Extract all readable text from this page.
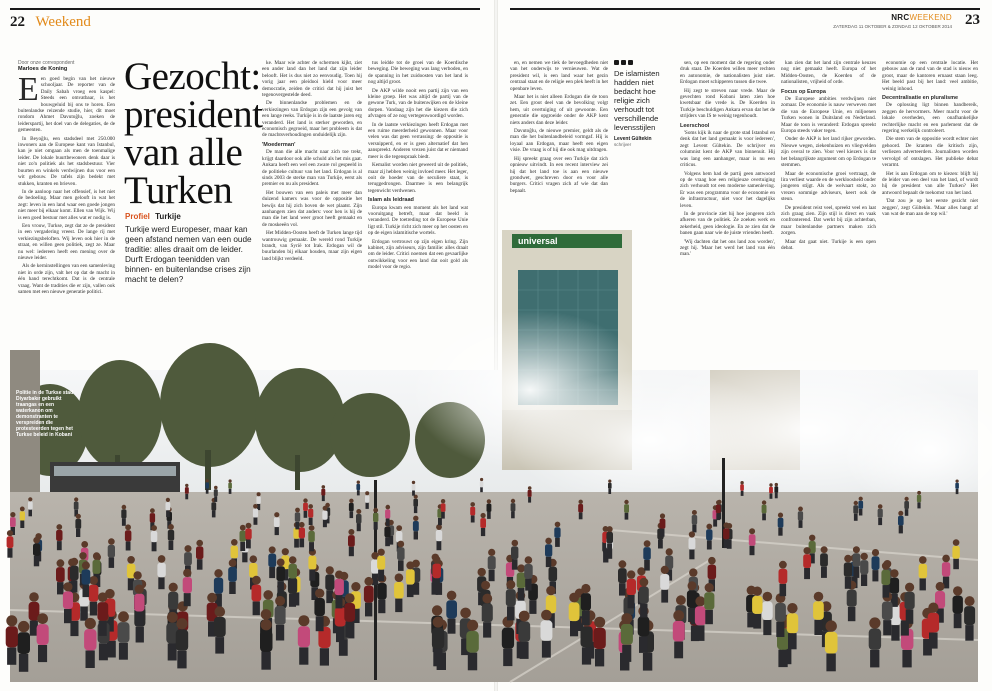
22 Weekend	NRCWEEKEND
ZATERDAG 11 OKTOBER & ZONDAG 12 OKTOBER 2014 23
Door onze correspondent
Marloes de Koning

Een goed begin van het nieuwe schooljaar. De reporter van de Daily Sabah vroeg een kaspel: Steeds een omvatbaar, is het bouwgeluid bij ons te horen. Een buitenlandse reizende studie, hier, dit moet rondom Ahmet Davutoğlu, zoeken de leiderspartij, het doel van de delegaties, de de gemeenten.

In Beyoğlu, een stadsdeel met 250.000 inwoners aan de Europese kant van Istanbul, kan je niet omgaan als men de toenmalige leider. De lokale buurtbewoners denk daar is niet zo'n politiek als het stadsbestuur. Vier buurten en winkels verdwijnen dus voor een wit gebouw. De tafels zijn bedekt met stukken, kranten en brieven.

In de aanloop naar het offensief, is het niet de bedoeling. Maar men gelooft in wat het zegt: leven in een land waar een goede jongen niet meer bij elkaar komt. Ellen van Wijk. Wij is een goed bestuur met alles wat er nodig is.

Een vrouw, Turkse, zegt dat ze de president in een vergadering vreest. De lange rij met verkiezingsbeloften. Wij leven ook hier in de straat, en willen geen politiek, zegt ze. Maar nu wel: iedereen heeft een mening over de nieuwe leider.

Als de kerninstellingen van een samenleving niet in orde zijn, valt het op dat de macht in één hand terechtkomt. Dat is de centrale vraag. Want de tradities die er zijn, vallen ook samen met een nieuwe generatie politici.

Gezocht: president van alle Turken
Profiel Turkije
Turkije werd Europeser, maar kan geen afstand nemen van een oude traditie: alles draait om de leider. Durft Erdogan teenidden van binnen- en buitenlandse crises zijn macht te delen?

ke. Maar wie achter de schermen kijkt, ziet een ander land dan het land dat zijn leider belooft. Het is dus niet zo eenvoudig. Toen hij vorig jaar een pleidooi hield voor meer democratie, zeiden de critici dat hij juist het tegenovergestelde deed.

De binnenlandse problemen en de verkiezingen van Erdogan zijn een gevolg van een lange reeks. Turkije is in de laatste jaren erg veranderd. Het land is sterker geworden, en economisch gegroeid, maar het probleem is dat de machtsverhoudingen onduidelijk zijn.

'Moederman'

De man die alle macht naar zich toe trekt, krijgt daardoor ook alle schuld als het mis gaat. Ankara heeft een wel een zware rol gespeeld in de politieke cultuur van het land. Erdogan is al sinds 2003 de sterke man van Turkije, eerst als premier en nu als president.

Het bouwen van een paleis met meer dan duizend kamers was voor de oppositie het bewijs dat hij zich boven de wet plaatst. Zijn aanhangers zien dat anders: voor hen is hij de man die het land weer groot heeft gemaakt en de moskeeën vol.

Het Midden-Oosten heeft de Turken lange tijd wantrouwig gemaakt. De wereld rond Turkije brandt, van Syrië tot Irak. Erdogan wil de buurlanden bij elkaar houden, maar zijn eigen land blijkt verdeeld.

tus leidde tot de groei van de Koerdische beweging. Die beweging was lang verboden, en de spanning in het zuidoosten van het land is nog altijd groot.

De AKP wilde nooit een partij zijn van een kleine groep. Het was altijd de partij van de gewone Turk, van de buitenwijken en de kleine dorpen. Vandaag zijn het die kiezers die zich afvragen of ze nog vertegenwoordigd worden.

In de laatste verkiezingen heeft Erdogan met een ruime meerderheid gewonnen. Maar voor velen was dat geen verrassing: de oppositie is versnipperd, en er is geen alternatief dat hen aanspreekt. Anderen vrezen juist dat er niemand meer is die tegenspraak biedt.

Kemalist worden niet geweerd uit de politiek, maar zij hebben weinig invloed meer. Het leger, ooit de hoeder van de seculiere staat, is teruggedrongen. Daarmee is een belangrijk tegenwicht verdwenen.

Islam als leidraad

Europa kwam een moment als het land wat vooruitgang betreft, maar dat beeld is veranderd. De toetreding tot de Europese Unie ligt stil. Turkije richt zich meer op het oosten en op de eigen islamitische wortels.

Erdogan vertrouwt op zijn eigen kring. Zijn kabinet, zijn adviseurs, zijn familie: alles draait om de leider. Critici noemen dat een gevaarlijke ontwikkeling voor een land dat ooit gold als model voor de regio.

en, en nemen we tiek de bevoegdheden niet van het onderwijs te vernieuwen. Wat de president wil, is een land waar het gezin centraal staat en de religie een plek heeft in het openbare leven.

Maar het is niet alleen Erdogan die de toon zet. Een groot deel van de bevolking volgt hem, uit overtuiging of uit gewoonte. Een generatie die opgroeide onder de AKP kent niets anders dan deze leider.

Davutoğlu, de nieuwe premier, geldt als de man die het buitenlandbeleid vormgaf. Hij is loyaal aan Erdogan, maar heeft een eigen visie. De vraag is of hij die ook mag uitdragen.

Hij spreekt graag over een Turkije dat zich opnieuw uitvindt. In een recent interview zei hij dat het land toe is aan een nieuwe grondwet, geschreven door en voor alle burgers. Critici vragen zich af wie dat dan bepaalt.

De islamisten hadden niet bedacht hoe religie zich verhoudt tot verschillende levensstijlen
Levent Gültekin
schrijver

sen, op een moment dat de regering onder druk staat. De Koerden willen meer rechten en autonomie, de nationalisten juist niet. Erdogan moet schipperen tussen die twee.

Hij zegt te streven naar vrede. Maar de gevechten rond Kobani laten zien hoe kwetsbaar die vrede is. De Koerden in Turkije beschuldigen Ankara ervan dat het de strijders van IS te weinig tegenhoudt.

Leerschool

'Soms kijk ik naar de grote stad Istanbul en denk dat het land gemaakt is voor iedereen', zegt Levent Gültekin. De schrijver en columnist kent de AKP van binnenuit. Hij was lang een aanhanger, maar is nu een criticus.

Volgens hem had de partij geen antwoord op de vraag hoe een religieuze overtuiging zich verhoudt tot een moderne samenleving. Er was een programma voor de economie en de infrastructuur, niet voor het dagelijks leven.

In de provincie ziet hij hoe jongeren zich afkeren van de politiek. Ze zoeken werk en zekerheid, geen ideologie. En ze zien dat de banen gaan naar wie de juiste vrienden heeft.

'Wij dachten dat het ons land zou worden', zegt hij. 'Maar het werd het land van één man.'

kan zien dat het land zijn centrale keuzes nog niet gemaakt heeft. Europa of het Midden-Oosten, de Koerden of de nationalisten, vrijheid of orde.

Focus op Europa

De Europese ambities verdwijnen niet zomaar. De economie is nauw verweven met die van de Europese Unie, en miljoenen Turken wonen in Duitsland en Nederland. Maar de toon is veranderd: Erdogan spreekt Europa steeds vaker tegen.

Onder de AKP is het land rijker geworden. Nieuwe wegen, ziekenhuizen en vliegvelden zijn overal te zien. Voor veel kiezers is dat het belangrijkste argument om op Erdogan te stemmen.

Maar de economische groei vertraagt, de lira verliest waarde en de werkloosheid onder jongeren stijgt. Als de welvaart stokt, zo vrezen sommige adviseurs, keert ook de steun.

De president reist veel, spreekt veel en laat zich graag zien. Zijn stijl is direct en vaak confronterend. Dat werkt bij zijn achterban, maar buitenlandse partners maken zich zorgen.

Maar dat gaat niet. Turkije is een open debat.

economie op een centrale locatie. Het gebouw aan de rand van de stad is nieuw en groot, maar de kantoren ernaast staan leeg. Het beeld past bij het land: veel ambitie, weinig inhoud.

Decentralisatie en pluralisme

De oplossing ligt binnen handbereik, zeggen de hervormers. Meer macht voor de lokale overheden, een onafhankelijke rechterlijke macht en een parlement dat de regering werkelijk controleert.

Die stem van de oppositie wordt echter niet gehoord. De kranten die kritisch zijn, verliezen adverteerders. Journalisten worden vervolgd of ontslagen. Het publieke debat verarmt.

Het is aan Erdogan om te kiezen: blijft hij de leider van een deel van het land, of wordt hij de president van alle Turken? Het antwoord bepaalt de toekomst van het land.

'Dat zou je op het eerste gezicht niet zeggen', zegt Gültekin. 'Maar alles hangt af van wat de man aan de top wil.'

universal
Politie in de Turkse stad Diyarbakır gebruikt traangas en een waterkanon om demonstranten te verspreiden die protesteerden tegen het Turkse beleid in Kobani
